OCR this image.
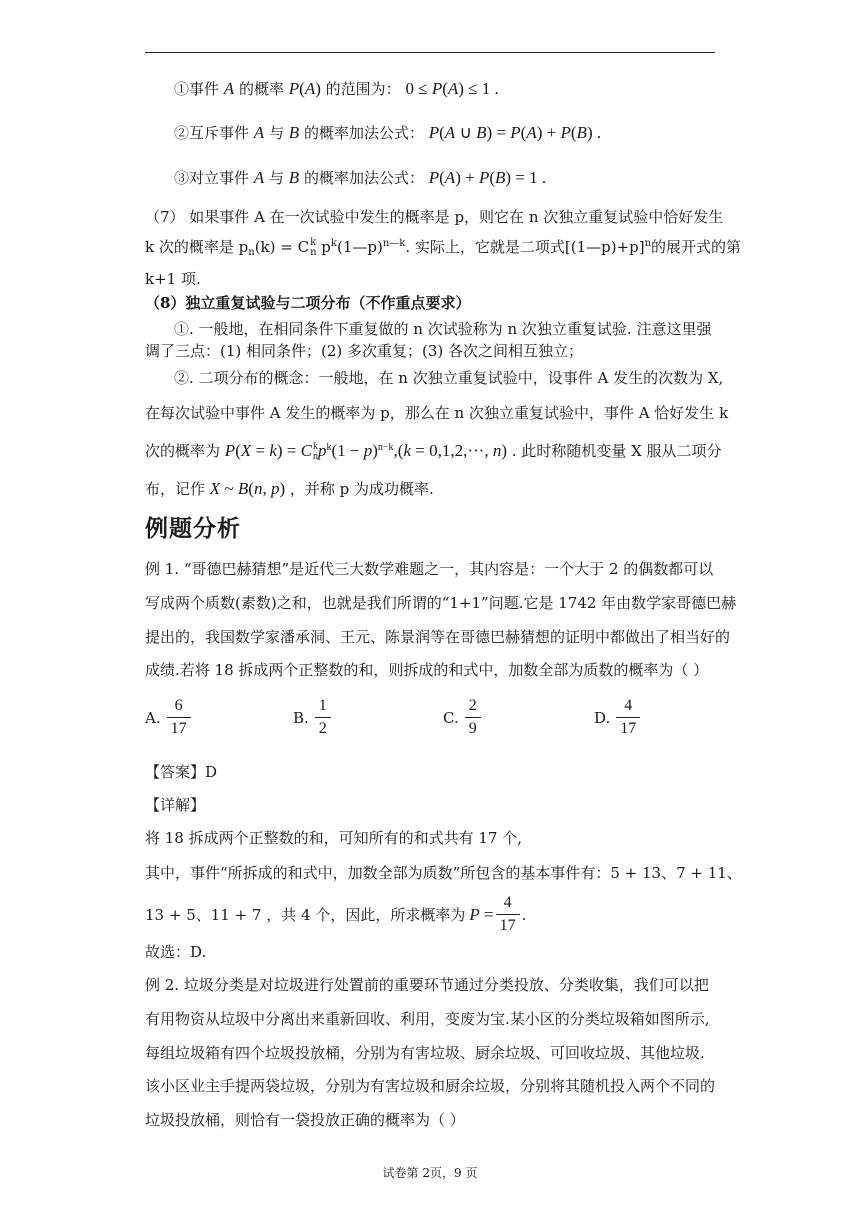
①事件 A 的概率 P(A) 的范围为： 0 ≤ P(A) ≤ 1 .
②互斥事件 A 与 B 的概率加法公式： P(A ∪ B) = P(A) + P(B) .
③对立事件 A 与 B 的概率加法公式： P(A) + P(B) = 1 .
（7） 如果事件 A 在一次试验中发生的概率是 p，则它在 n 次独立重复试验中恰好发生
k 次的概率是 $p_n(k) = C$ k
n $p^k(1—p)^{n—k}$. 实际上，它就是二项式[(1—p)+p]$^n$的展开式的第
k+1 项.
（8）独立重复试验与二项分布（不作重点要求）
①. 一般地，在相同条件下重复做的 n 次试验称为 n 次独立重复试验. 注意这里强
调了三点：(1) 相同条件；(2) 多次重复；(3) 各次之间相互独立；
②. 二项分布的概念：一般地，在 n 次独立重复试验中，设事件 A 发生的次数为 X,
在每次试验中事件 A 发生的概率为 p，那么在 n 次独立重复试验中，事件 A 恰好发生 k
次的概率为 P(X = k) = C k
n $p^k(1 - p)^{n-k},(k = 0,1,2,\cdot\cdot\cdot$, n) . 此时称随机变量 X 服从二项分
布，记作 X ~ B(n, p) ，并称 p 为成功概率.
例题分析
例 1. “哥德巴赫猜想”是近代三大数学难题之一，其内容是：一个大于 2 的偶数都可以
写成两个质数(素数)之和，也就是我们所谓的“1+1”问题.它是 1742 年由数学家哥德巴赫
提出的，我国数学家潘承洞、王元、陈景润等在哥德巴赫猜想的证明中都做出了相当好的
成绩.若将 18 拆成两个正整数的和，则拆成的和式中，加数全部为质数的概率为（ ）
A. $\frac{6}{17}$	B. $\frac{1}{2}$	C. $\frac{2}{9}$	D. $\frac{4}{17}$
【答案】D
【详解】
将 18 拆成两个正整数的和，可知所有的和式共有 17 个,
其中，事件“所拆成的和式中，加数全部为质数”所包含的基本事件有：5 + 13、7 + 11、
13 + 5、11 + 7 ，共 4 个，因此，所求概率为 $P = \frac{4}{17}$ .
故选：D.
例 2. 垃圾分类是对垃圾进行处置前的重要环节通过分类投放、分类收集，我们可以把
有用物资从垃圾中分离出来重新回收、利用，变废为宝.某小区的分类垃圾箱如图所示,
每组垃圾箱有四个垃圾投放桶，分别为有害垃圾、厨余垃圾、可回收垃圾、其他垃圾.
该小区业主手提两袋垃圾，分别为有害垃圾和厨余垃圾，分别将其随机投入两个不同的
垃圾投放桶，则恰有一袋投放正确的概率为（ ）
试卷第 2页，9 页
